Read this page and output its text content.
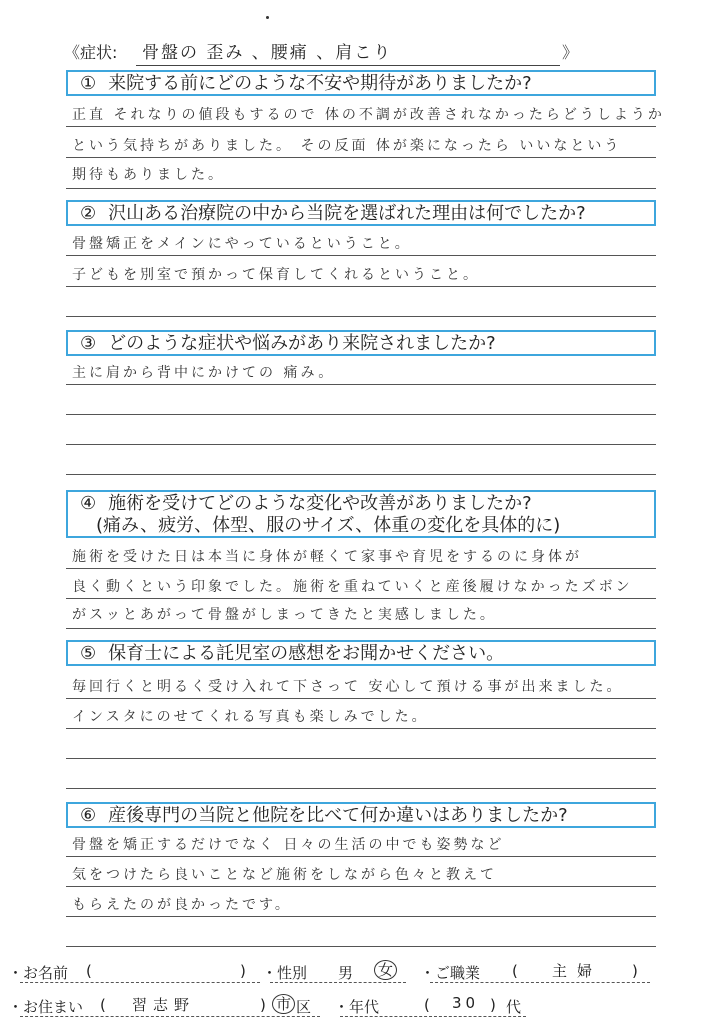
《症状: 骨盤の 歪み 、腰痛 、肩こり	》
① 来院する前にどのような不安や期待がありましたか?
正直 それなりの値段もするので 体の不調が改善されなかったらどうしようか
という気持ちがありました。 その反面 体が楽になったら いいなという
期待もありました。
② 沢山ある治療院の中から当院を選ばれた理由は何でしたか?
骨盤矯正をメインにやっているということ。
子どもを別室で預かって保育してくれるということ。
③ どのような症状や悩みがあり来院されましたか?
主に肩から背中にかけての 痛み。
④ 施術を受けてどのような変化や改善がありましたか?
(痛み、疲労、体型、服のサイズ、体重の変化を具体的に)
施術を受けた日は本当に身体が軽くて家事や育児をするのに身体が
良く動くという印象でした。施術を重ねていくと産後履けなかったズボン
がスッとあがって骨盤がしまってきたと実感しました。
⑤ 保育士による託児室の感想をお聞かせください。
毎回行くと明るく受け入れて下さって 安心して預ける事が出来ました。
インスタにのせてくれる写真も楽しみでした。
⑥ 産後専門の当院と他院を比べて何か違いはありましたか?
骨盤を矯正するだけでなく 日々の生活の中でも姿勢など
気をつけたら良いことなど施術をしながら色々と教えて
もらえたのが良かったです。
・お名前 (	) ・性別 男 女 ・ご職業 ( 主婦 )
・お住まい ( 習志野	) 市 区 ・年代	( 30 ) 代
